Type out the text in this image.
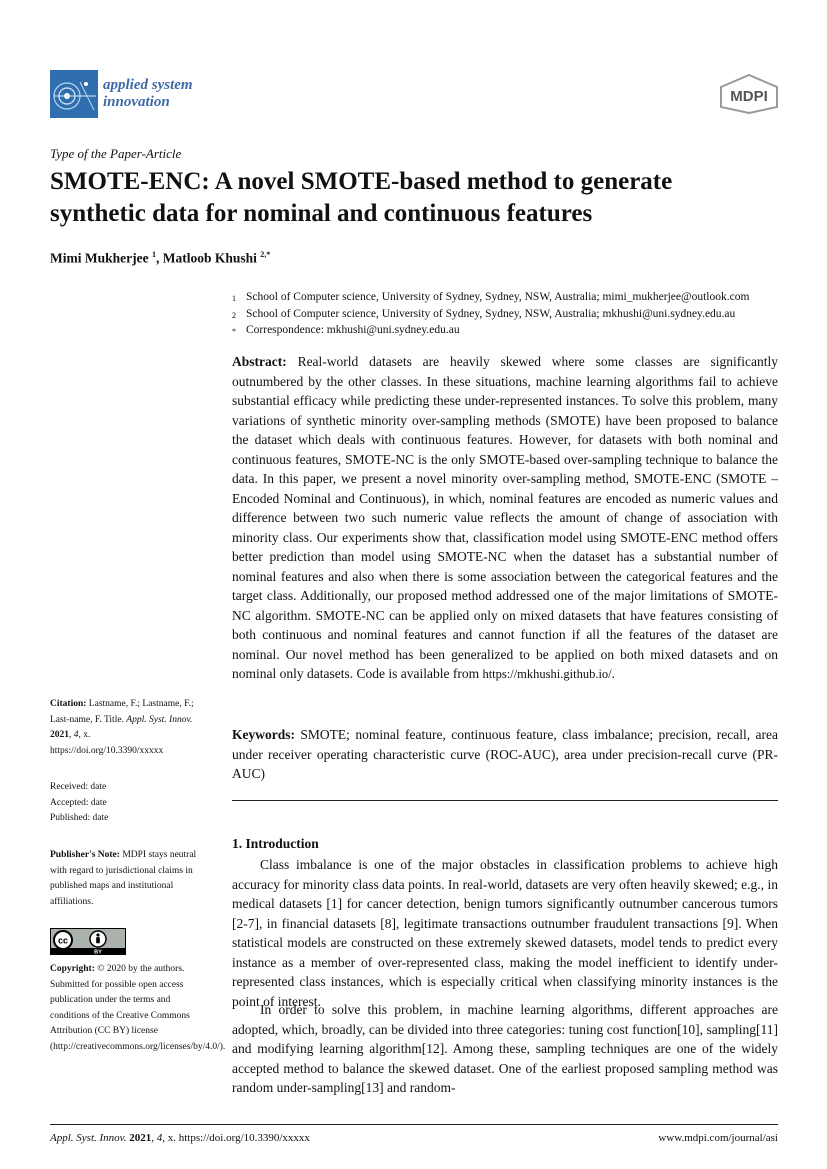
applied system
innovation	MDPI
Type of the Paper-Article
SMOTE-ENC: A novel SMOTE-based method to generate synthetic data for nominal and continuous features
Mimi Mukherjee $^1$, Matloob Khushi $^{2,*}$
1 School of Computer science, University of Sydney, Sydney, NSW, Australia; mimi_mukherjee@outlook.com
2 School of Computer science, University of Sydney, Sydney, NSW, Australia; mkhushi@uni.sydney.edu.au
* Correspondence: mkhushi@uni.sydney.edu.au

Abstract: Real-world datasets are heavily skewed where some classes are significantly outnumbered by the other classes. In these situations, machine learning algorithms fail to achieve substantial efficacy while predicting these under-represented instances. To solve this problem, many variations of synthetic minority over-sampling methods (SMOTE) have been proposed to balance the dataset which deals with continuous features. However, for datasets with both nominal and continuous features, SMOTE-NC is the only SMOTE-based over-sampling technique to balance the data. In this paper, we present a novel minority over-sampling method, SMOTE-ENC (SMOTE – Encoded Nominal and Continuous), in which, nominal features are encoded as numeric values and difference between two such numeric value reflects the amount of change of association with minority class. Our experiments show that, classification model using SMOTE-ENC method offers better prediction than model using SMOTE-NC when the dataset has a substantial number of nominal features and also when there is some association between the categorical features and the target class. Additionally, our proposed method addressed one of the major limitations of SMOTE-NC algorithm. SMOTE-NC can be applied only on mixed datasets that have features consisting of both continuous and nominal features and cannot function if all the features of the dataset are nominal. Our novel method has been generalized to be applied on both mixed datasets and on nominal only datasets. Code is available from https://mkhushi.github.io/.

Keywords: SMOTE; nominal feature, continuous feature, class imbalance; precision, recall, area under receiver operating characteristic curve (ROC-AUC), area under precision-recall curve (PR-AUC)

Citation: Lastname, F.; Lastname, F.; Last-name, F. Title. Appl. Syst. Innov.
2021, 4, x.
https://doi.org/10.3390/xxxxx
Received: date
Accepted: date
Published: date
Publisher's Note: MDPI stays neutral with regard to jurisdictional claims in published maps and institutional affiliations.
cc
BY
Copyright: © 2020 by the authors. Submitted for possible open access publication under the terms and conditions of the Creative Commons Attribution (CC BY) license (http://creativecommons.org/licenses/by/4.0/).
1. Introduction

Class imbalance is one of the major obstacles in classification problems to achieve high accuracy for minority class data points. In real-world, datasets are very often heavily skewed; e.g., in medical datasets [1] for cancer detection, benign tumors significantly outnumber cancerous tumors [2-7], in financial datasets [8], legitimate transactions outnumber fraudulent transactions [9]. When statistical models are constructed on these extremely skewed datasets, model tends to predict every instance as a member of over-represented class, making the model inefficient to identify under-represented class instances, which is especially critical when classifying minority instances is the point of interest.

In order to solve this problem, in machine learning algorithms, different approaches are adopted, which, broadly, can be divided into three categories: tuning cost function[10], sampling[11] and modifying learning algorithm[12]. Among these, sampling techniques are one of the widely accepted method to balance the skewed dataset. One of the earliest proposed sampling method was random under-sampling[13] and random-

Appl. Syst. Innov. 2021, 4, x. https://doi.org/10.3390/xxxxx	www.mdpi.com/journal/asi
